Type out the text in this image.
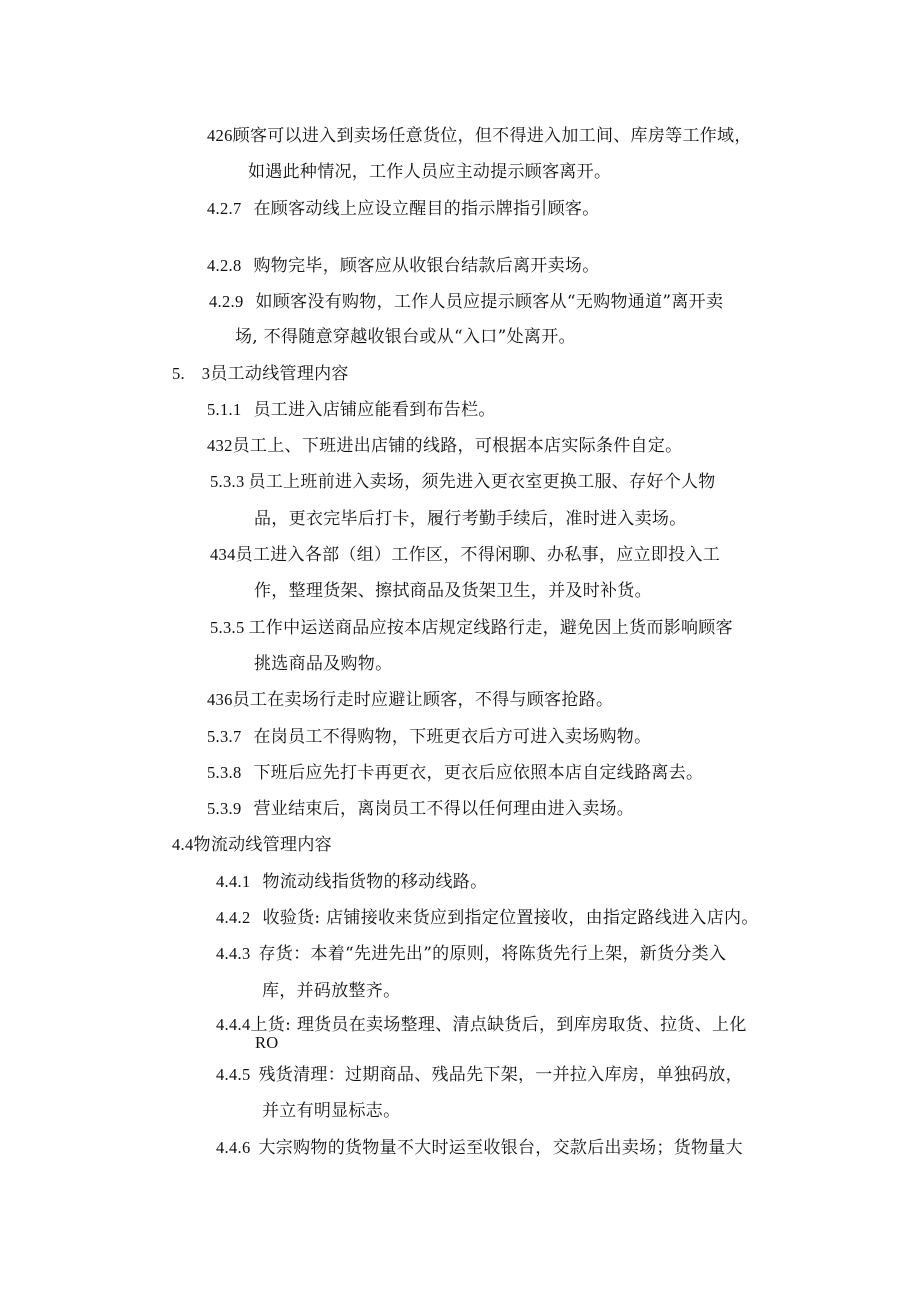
426顾客可以进入到卖场任意货位，但不得进入加工间、库房等工作域，
如遇此种情况，工作人员应主动提示顾客离开。
4.2.7 在顾客动线上应设立醒目的指示牌指引顾客。
4.2.8 购物完毕，顾客应从收银台结款后离开卖场。
4.2.9 如顾客没有购物，工作人员应提示顾客从“无购物通道”离开卖
场, 不得随意穿越收银台或从“入口”处离开。
5.　3员工动线管理内容
5.1.1 员工进入店铺应能看到布告栏。
432员工上、下班进出店铺的线路，可根据本店实际条件自定。
5.3.3 员工上班前进入卖场，须先进入更衣室更换工服、存好个人物
品，更衣完毕后打卡，履行考勤手续后，准时进入卖场。
434员工进入各部（组）工作区，不得闲聊、办私事，应立即投入工
作，整理货架、擦拭商品及货架卫生，并及时补货。
5.3.5 工作中运送商品应按本店规定线路行走，避免因上货而影响顾客
挑选商品及购物。
436员工在卖场行走时应避让顾客，不得与顾客抢路。
5.3.7 在岗员工不得购物，下班更衣后方可进入卖场购物。
5.3.8 下班后应先打卡再更衣，更衣后应依照本店自定线路离去。
5.3.9 营业结束后，离岗员工不得以任何理由进入卖场。
4.4物流动线管理内容
4.4.1 物流动线指货物的移动线路。
4.4.2 收验货: 店铺接收来货应到指定位置接收，由指定路线进入店内。
4.4.3 存货：本着“先进先出”的原则，将陈货先行上架，新货分类入
库，并码放整齐。
4.4.4上货: 理货员在卖场整理、清点缺货后，到库房取货、拉货、上化
RO
4.4.5 残货清理：过期商品、残品先下架，一并拉入库房，单独码放，
并立有明显标志。
4.4.6 大宗购物的货物量不大时运至收银台，交款后出卖场；货物量大
